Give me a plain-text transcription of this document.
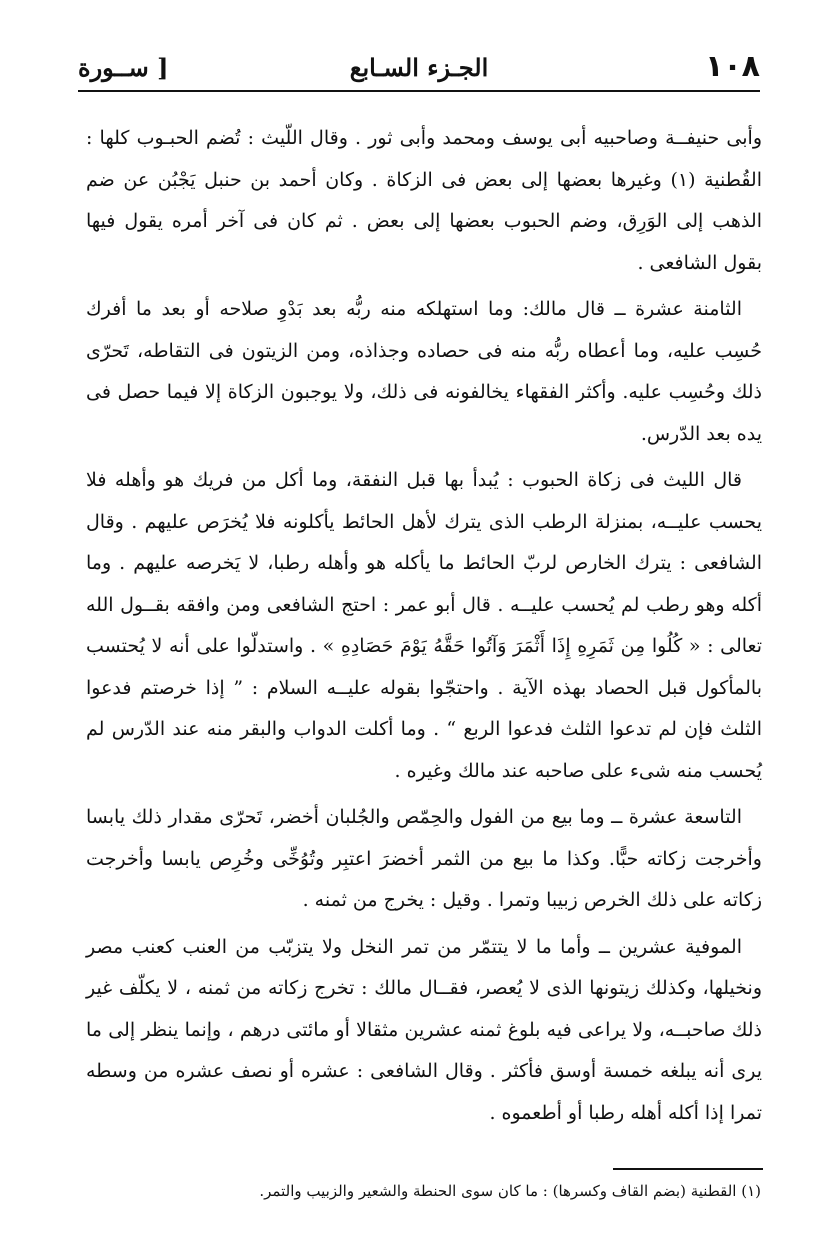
١٠٨
الجـزء السـابع
[ ســورة

وأبى حنيفــة وصاحبيه أبى يوسف ومحمد وأبى ثور . وقال اللّيث : تُضم الحبـوب كلها : القُطنية (١) وغيرها بعضها إلى بعض فى الزكاة . وكان أحمد بن حنبل يَجْبُن عن ضم الذهب إلى الوَرِق، وضم الحبوب بعضها إلى بعض . ثم كان فى آخر أمره يقول فيها بقول الشافعى .

الثامنة عشرة ــ قال مالك: وما استهلكه منه ربُّه بعد بَدْوِ صلاحه أو بعد ما أفرك حُسِب عليه، وما أعطاه ربُّه منه فى حصاده وجذاذه، ومن الزيتون فى التقاطه، تَحرّى ذلك وحُسِب عليه. وأكثر الفقهاء يخالفونه فى ذلك، ولا يوجبون الزكاة إلا فيما حصل فى يده بعد الدّرس.

قال الليث فى زكاة الحبوب : يُبدأ بها قبل النفقة، وما أكل من فريك هو وأهله فلا يحسب عليــه، بمنزلة الرطب الذى يترك لأهل الحائط يأكلونه فلا يُخرَص عليهم . وقال الشافعى : يترك الخارص لربّ الحائط ما يأكله هو وأهله رطبا، لا يَخرصه عليهم . وما أكله وهو رطب لم يُحسب عليــه . قال أبو عمر : احتج الشافعى ومن وافقه بقــول الله تعالى : « كُلُوا مِن ثَمَرِهِ إِذَا أَثْمَرَ وَآتُوا حَقَّهُ يَوْمَ حَصَادِهِ » . واستدلّوا على أنه لا يُحتسب بالمأكول قبل الحصاد بهذه الآية . واحتجّوا بقوله عليــه السلام : ” إذا خرصتم فدعوا الثلث فإن لم تدعوا الثلث فدعوا الربع “ . وما أكلت الدواب والبقر منه عند الدّرس لم يُحسب منه شىء على صاحبه عند مالك وغيره .

التاسعة عشرة ــ وما بيع من الفول والحِمّص والجُلبان أخضر، تَحرّى مقدار ذلك يابسا وأخرجت زكاته حبًّا. وكذا ما بيع من الثمر أخضرَ اعتبِر وتُوُخِّى وخُرِص يابسا وأخرجت زكاته على ذلك الخرص زبيبا وتمرا . وقيل : يخرج من ثمنه .

الموفية عشرين ــ وأما ما لا يتتمّر من تمر النخل ولا يتزبّب من العنب كعنب مصر ونخيلها، وكذلك زيتونها الذى لا يُعصر، فقــال مالك : تخرج زكاته من ثمنه ، لا يكلّف غير ذلك صاحبــه، ولا يراعى فيه بلوغ ثمنه عشرين مثقالا أو مائتى درهم ، وإنما ينظر إلى ما يرى أنه يبلغه خمسة أوسق فأكثر . وقال الشافعى : عشره أو نصف عشره من وسطه تمرا إذا أكله أهله رطبا أو أطعموه .

(١) القطنية (بضم القاف وكسرها) : ما كان سوى الحنطة والشعير والزبيب والتمر.
